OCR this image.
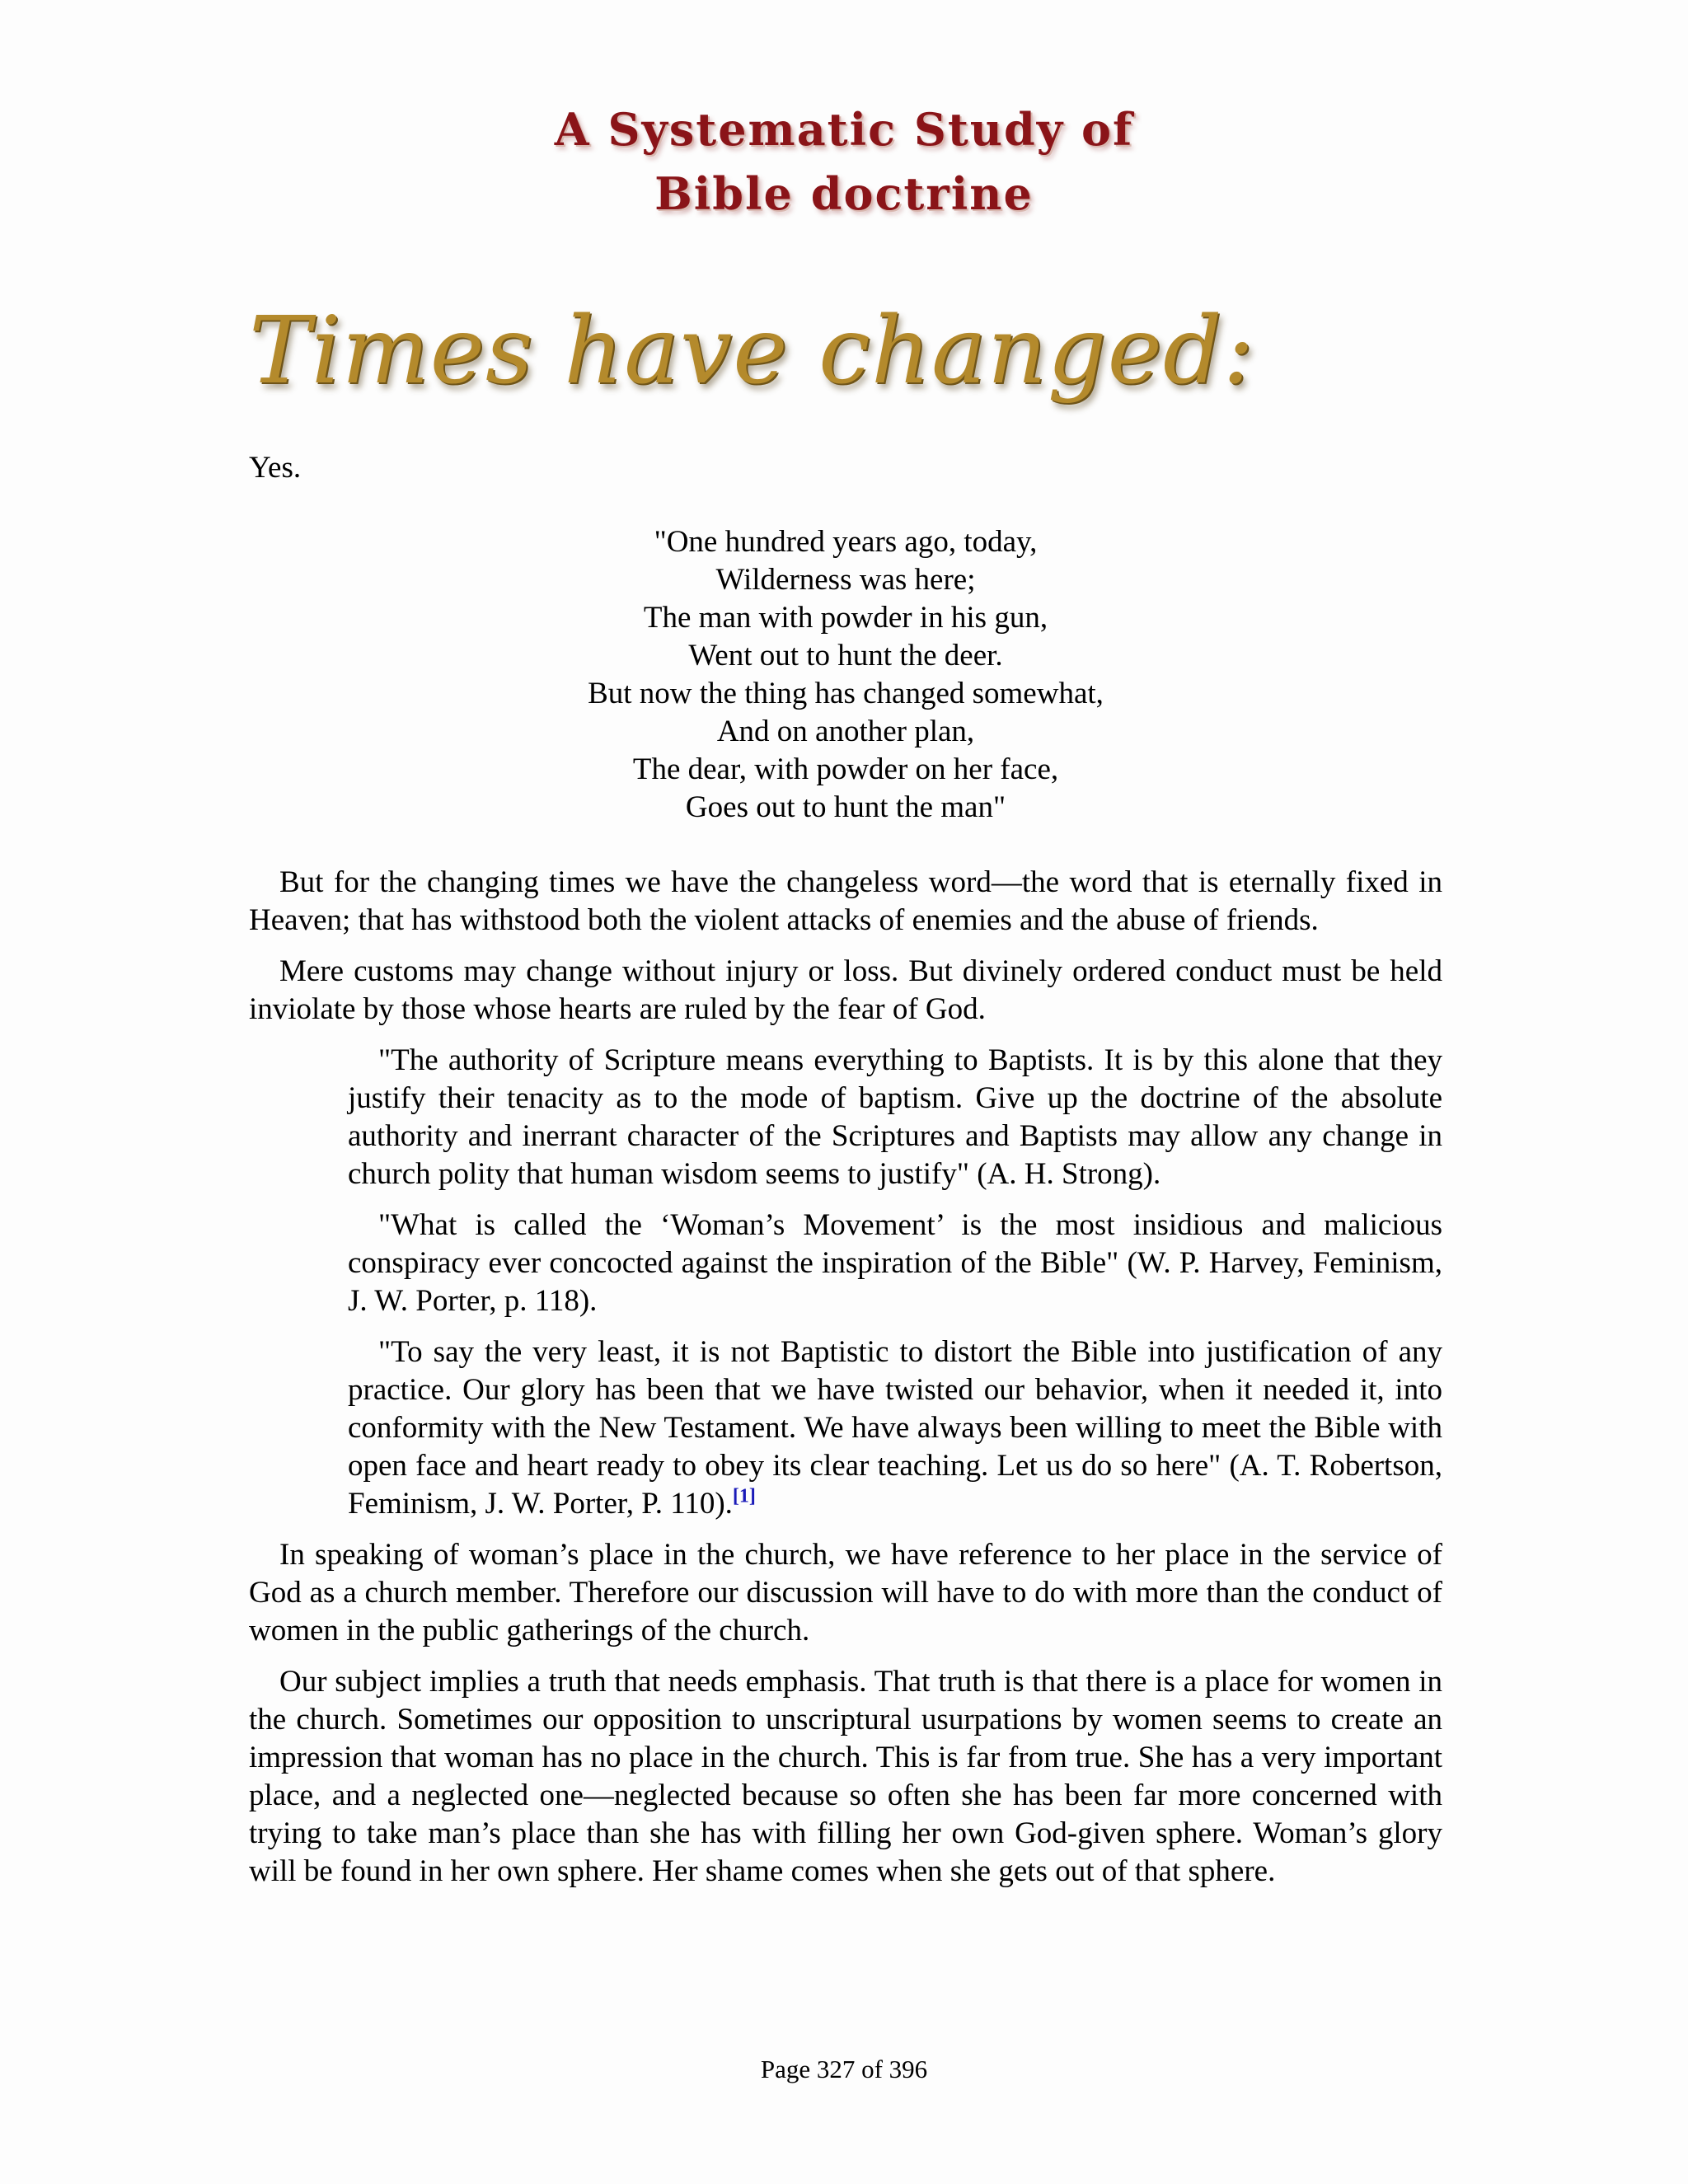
A Systematic Study of
Bible doctrine
Times have changed:

Yes.

"One hundred years ago, today,
Wilderness was here;
The man with powder in his gun,
Went out to hunt the deer.
But now the thing has changed somewhat,
And on another plan,
The dear, with powder on her face,
Goes out to hunt the man"

But for the changing times we have the changeless word—the word that is eternally fixed in Heaven; that has withstood both the violent attacks of enemies and the abuse of friends.

Mere customs may change without injury or loss. But divinely ordered conduct must be held inviolate by those whose hearts are ruled by the fear of God.

"The authority of Scripture means everything to Baptists. It is by this alone that they justify their tenacity as to the mode of baptism. Give up the doctrine of the absolute authority and inerrant character of the Scriptures and Baptists may allow any change in church polity that human wisdom seems to justify" (A. H. Strong).

"What is called the ‘Woman’s Movement’ is the most insidious and malicious conspiracy ever concocted against the inspiration of the Bible" (W. P. Harvey, Feminism, J. W. Porter, p. 118).

"To say the very least, it is not Baptistic to distort the Bible into justification of any practice. Our glory has been that we have twisted our behavior, when it needed it, into conformity with the New Testament. We have always been willing to meet the Bible with open face and heart ready to obey its clear teaching. Let us do so here" (A. T. Robertson, Feminism, J. W. Porter, P. 110).[1]

In speaking of woman’s place in the church, we have reference to her place in the service of God as a church member. Therefore our discussion will have to do with more than the conduct of women in the public gatherings of the church.

Our subject implies a truth that needs emphasis. That truth is that there is a place for women in the church. Sometimes our opposition to unscriptural usurpations by women seems to create an impression that woman has no place in the church. This is far from true. She has a very important place, and a neglected one—neglected because so often she has been far more concerned with trying to take man’s place than she has with filling her own God-given sphere. Woman’s glory will be found in her own sphere. Her shame comes when she gets out of that sphere.

Page 327 of 396
